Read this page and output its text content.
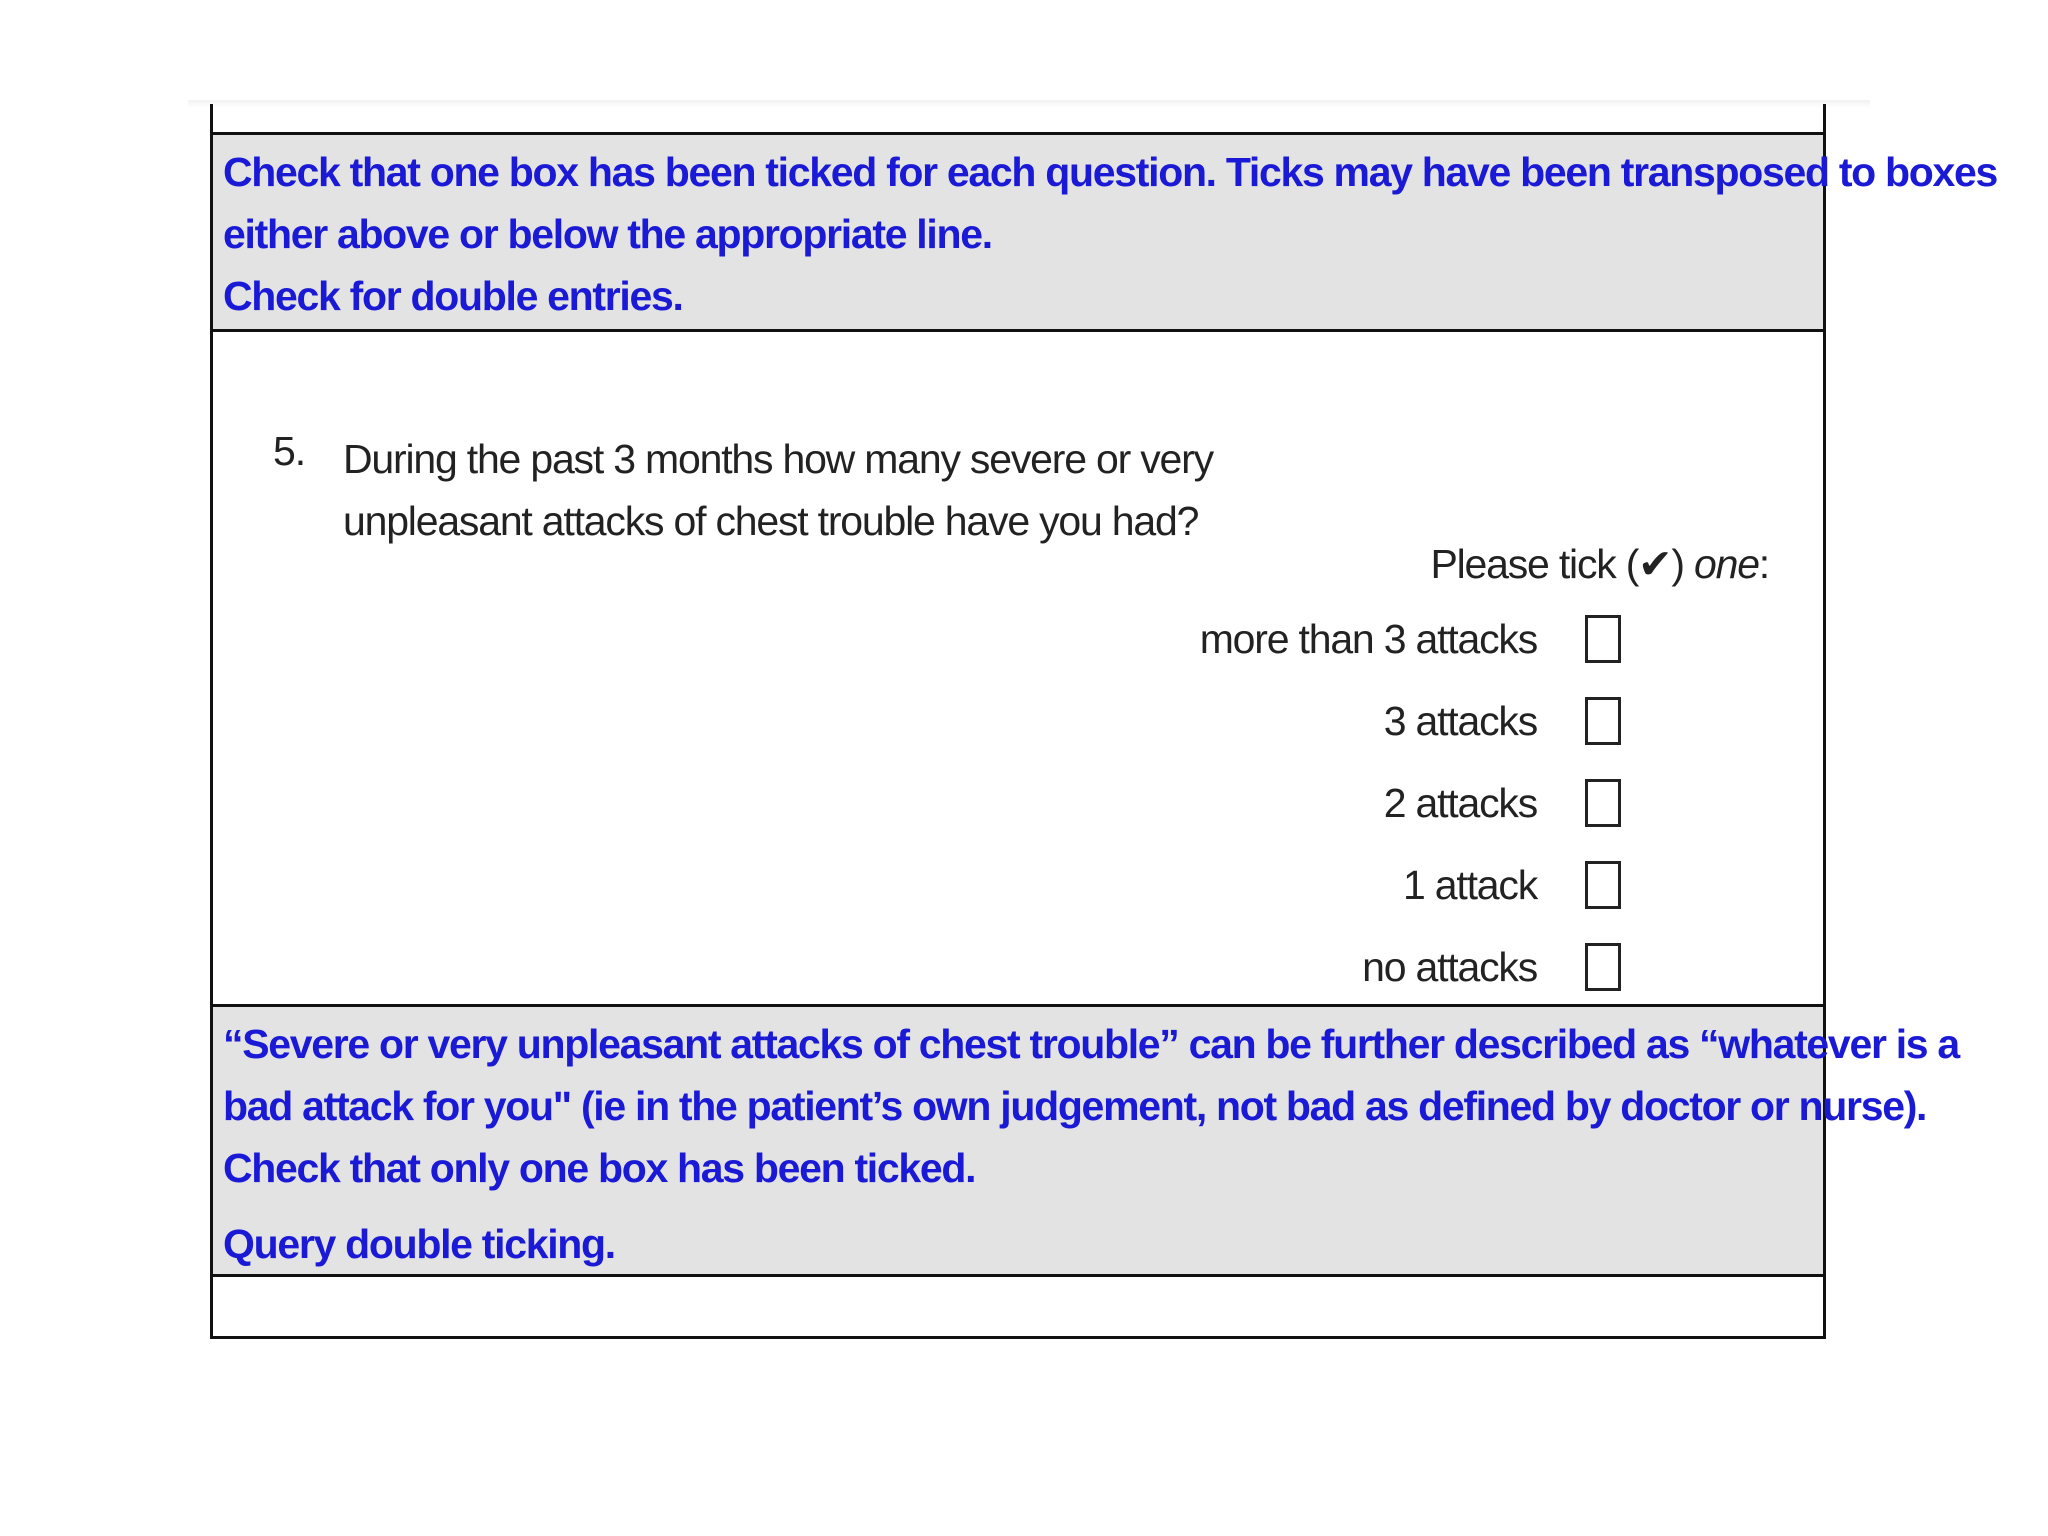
Check that one box has been ticked for each question. Ticks may have been transposed to boxes
either above or below the appropriate line.
Check for double entries.
5. During the past 3 months how many severe or very
unpleasant attacks of chest trouble have you had?
Please tick (✔) one:
more than 3 attacks
3 attacks
2 attacks
1 attack
no attacks
“Severe or very unpleasant attacks of chest trouble” can be further described as “whatever is a
bad attack for you" (ie in the patient’s own judgement, not bad as defined by doctor or nurse).
Check that only one box has been ticked.
Query double ticking.
